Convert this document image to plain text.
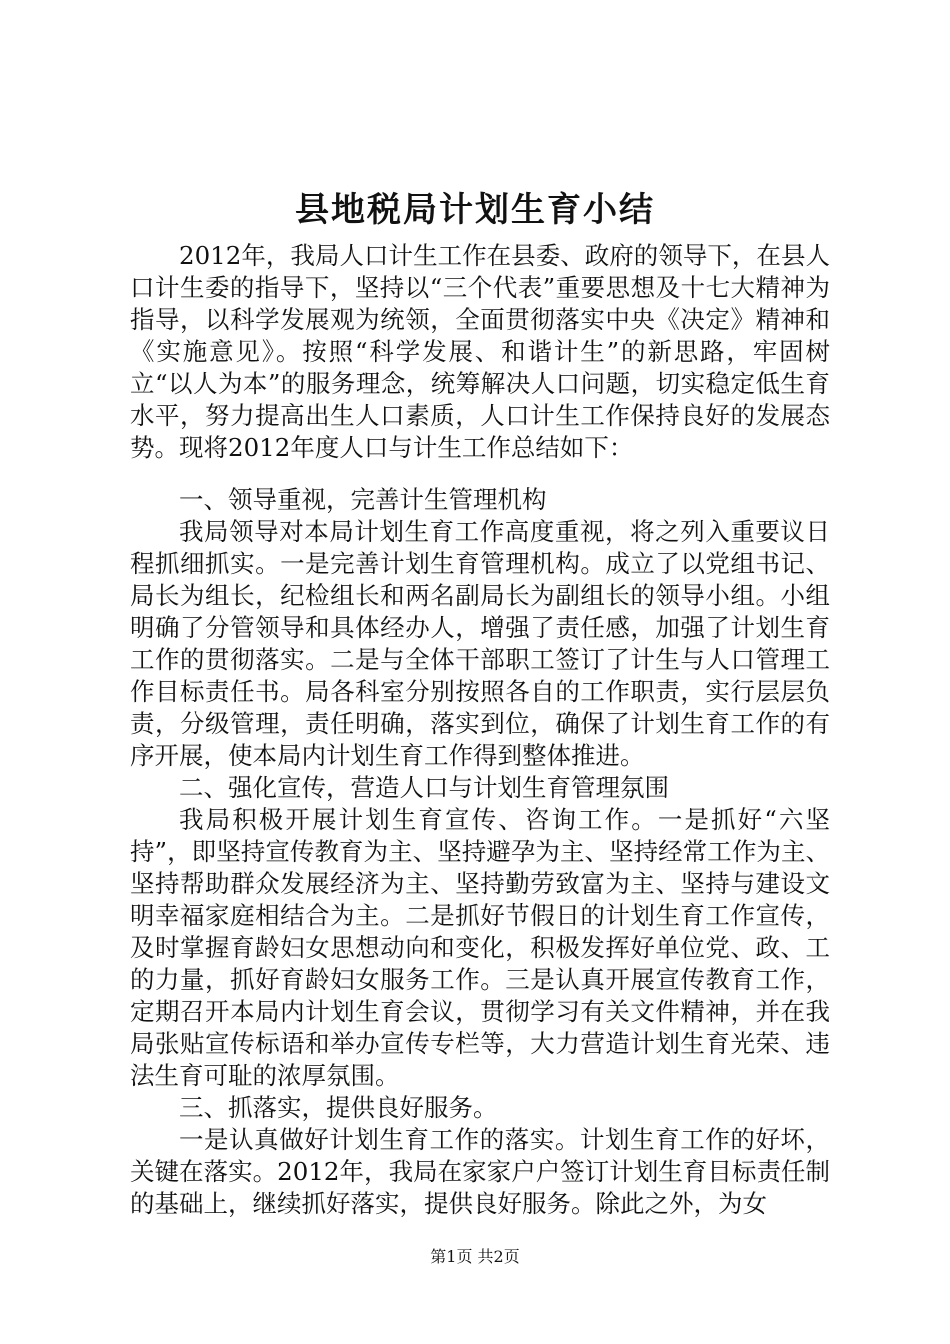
县地税局计划生育小结

2012年，我局人口计生工作在县委、政府的领导下，在县人口计生委的指导下，坚持以“三个代表”重要思想及十七大精神为指导，以科学发展观为统领，全面贯彻落实中央《决定》精神和《实施意见》。按照“科学发展、和谐计生”的新思路，牢固树立“以人为本”的服务理念，统筹解决人口问题，切实稳定低生育水平，努力提高出生人口素质，人口计生工作保持良好的发展态势。现将2012年度人口与计生工作总结如下：

一、领导重视，完善计生管理机构

我局领导对本局计划生育工作高度重视，将之列入重要议日程抓细抓实。一是完善计划生育管理机构。成立了以党组书记、局长为组长，纪检组长和两名副局长为副组长的领导小组。小组明确了分管领导和具体经办人，增强了责任感，加强了计划生育工作的贯彻落实。二是与全体干部职工签订了计生与人口管理工作目标责任书。局各科室分别按照各自的工作职责，实行层层负责，分级管理，责任明确，落实到位，确保了计划生育工作的有序开展，使本局内计划生育工作得到整体推进。

二、强化宣传，营造人口与计划生育管理氛围

我局积极开展计划生育宣传、咨询工作。一是抓好“六坚持”，即坚持宣传教育为主、坚持避孕为主、坚持经常工作为主、坚持帮助群众发展经济为主、坚持勤劳致富为主、坚持与建设文明幸福家庭相结合为主。二是抓好节假日的计划生育工作宣传，及时掌握育龄妇女思想动向和变化，积极发挥好单位党、政、工的力量，抓好育龄妇女服务工作。三是认真开展宣传教育工作，定期召开本局内计划生育会议，贯彻学习有关文件精神，并在我局张贴宣传标语和举办宣传专栏等，大力营造计划生育光荣、违法生育可耻的浓厚氛围。

三、抓落实，提供良好服务。

一是认真做好计划生育工作的落实。计划生育工作的好坏，关键在落实。2012年，我局在家家户户签订计划生育目标责任制的基础上，继续抓好落实，提供良好服务。除此之外，为女

第1页 共2页
